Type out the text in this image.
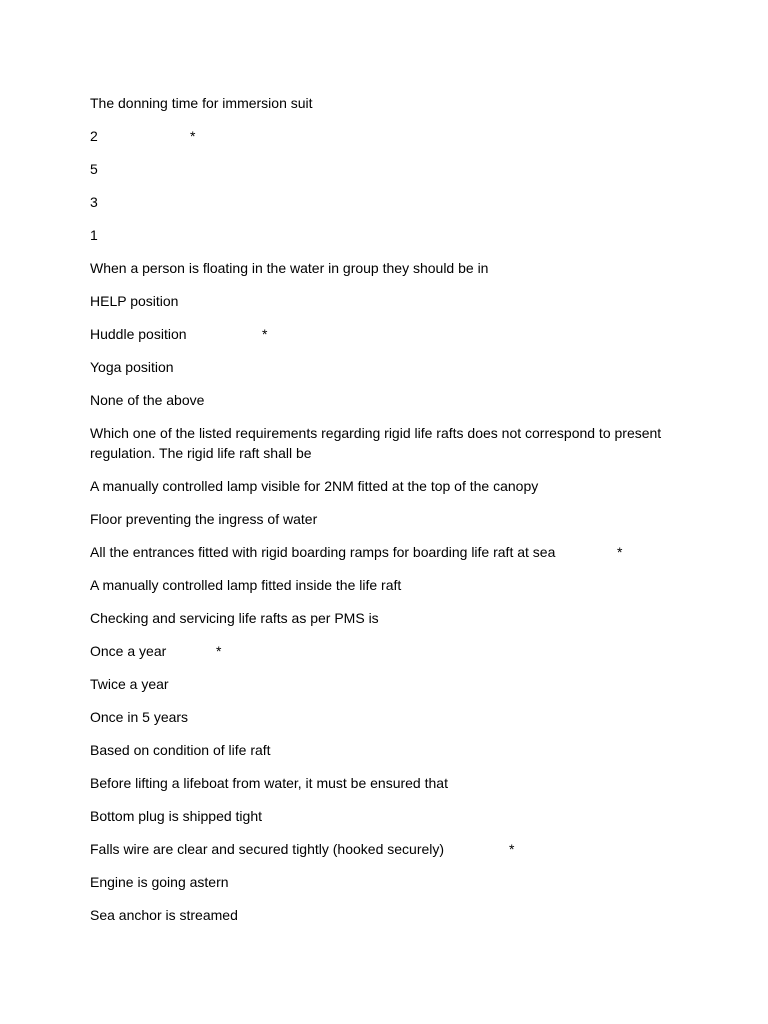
The donning time for immersion suit
2	*
5
3
1
When a person is floating in the water in group they should be in
HELP position
Huddle position	*
Yoga position
None of the above
Which one of the listed requirements regarding rigid life rafts does not correspond to present regulation. The rigid life raft shall be
A manually controlled lamp visible for 2NM fitted at the top of the canopy
Floor preventing the ingress of water
All the entrances fitted with rigid boarding ramps for boarding life raft at sea	*
A manually controlled lamp fitted inside the life raft
Checking and servicing life rafts as per PMS is
Once a year	*
Twice a year
Once in 5 years
Based on condition of life raft
Before lifting a lifeboat from water, it must be ensured that
Bottom plug is shipped tight
Falls wire are clear and secured tightly (hooked securely)	*
Engine is going astern
Sea anchor is streamed
